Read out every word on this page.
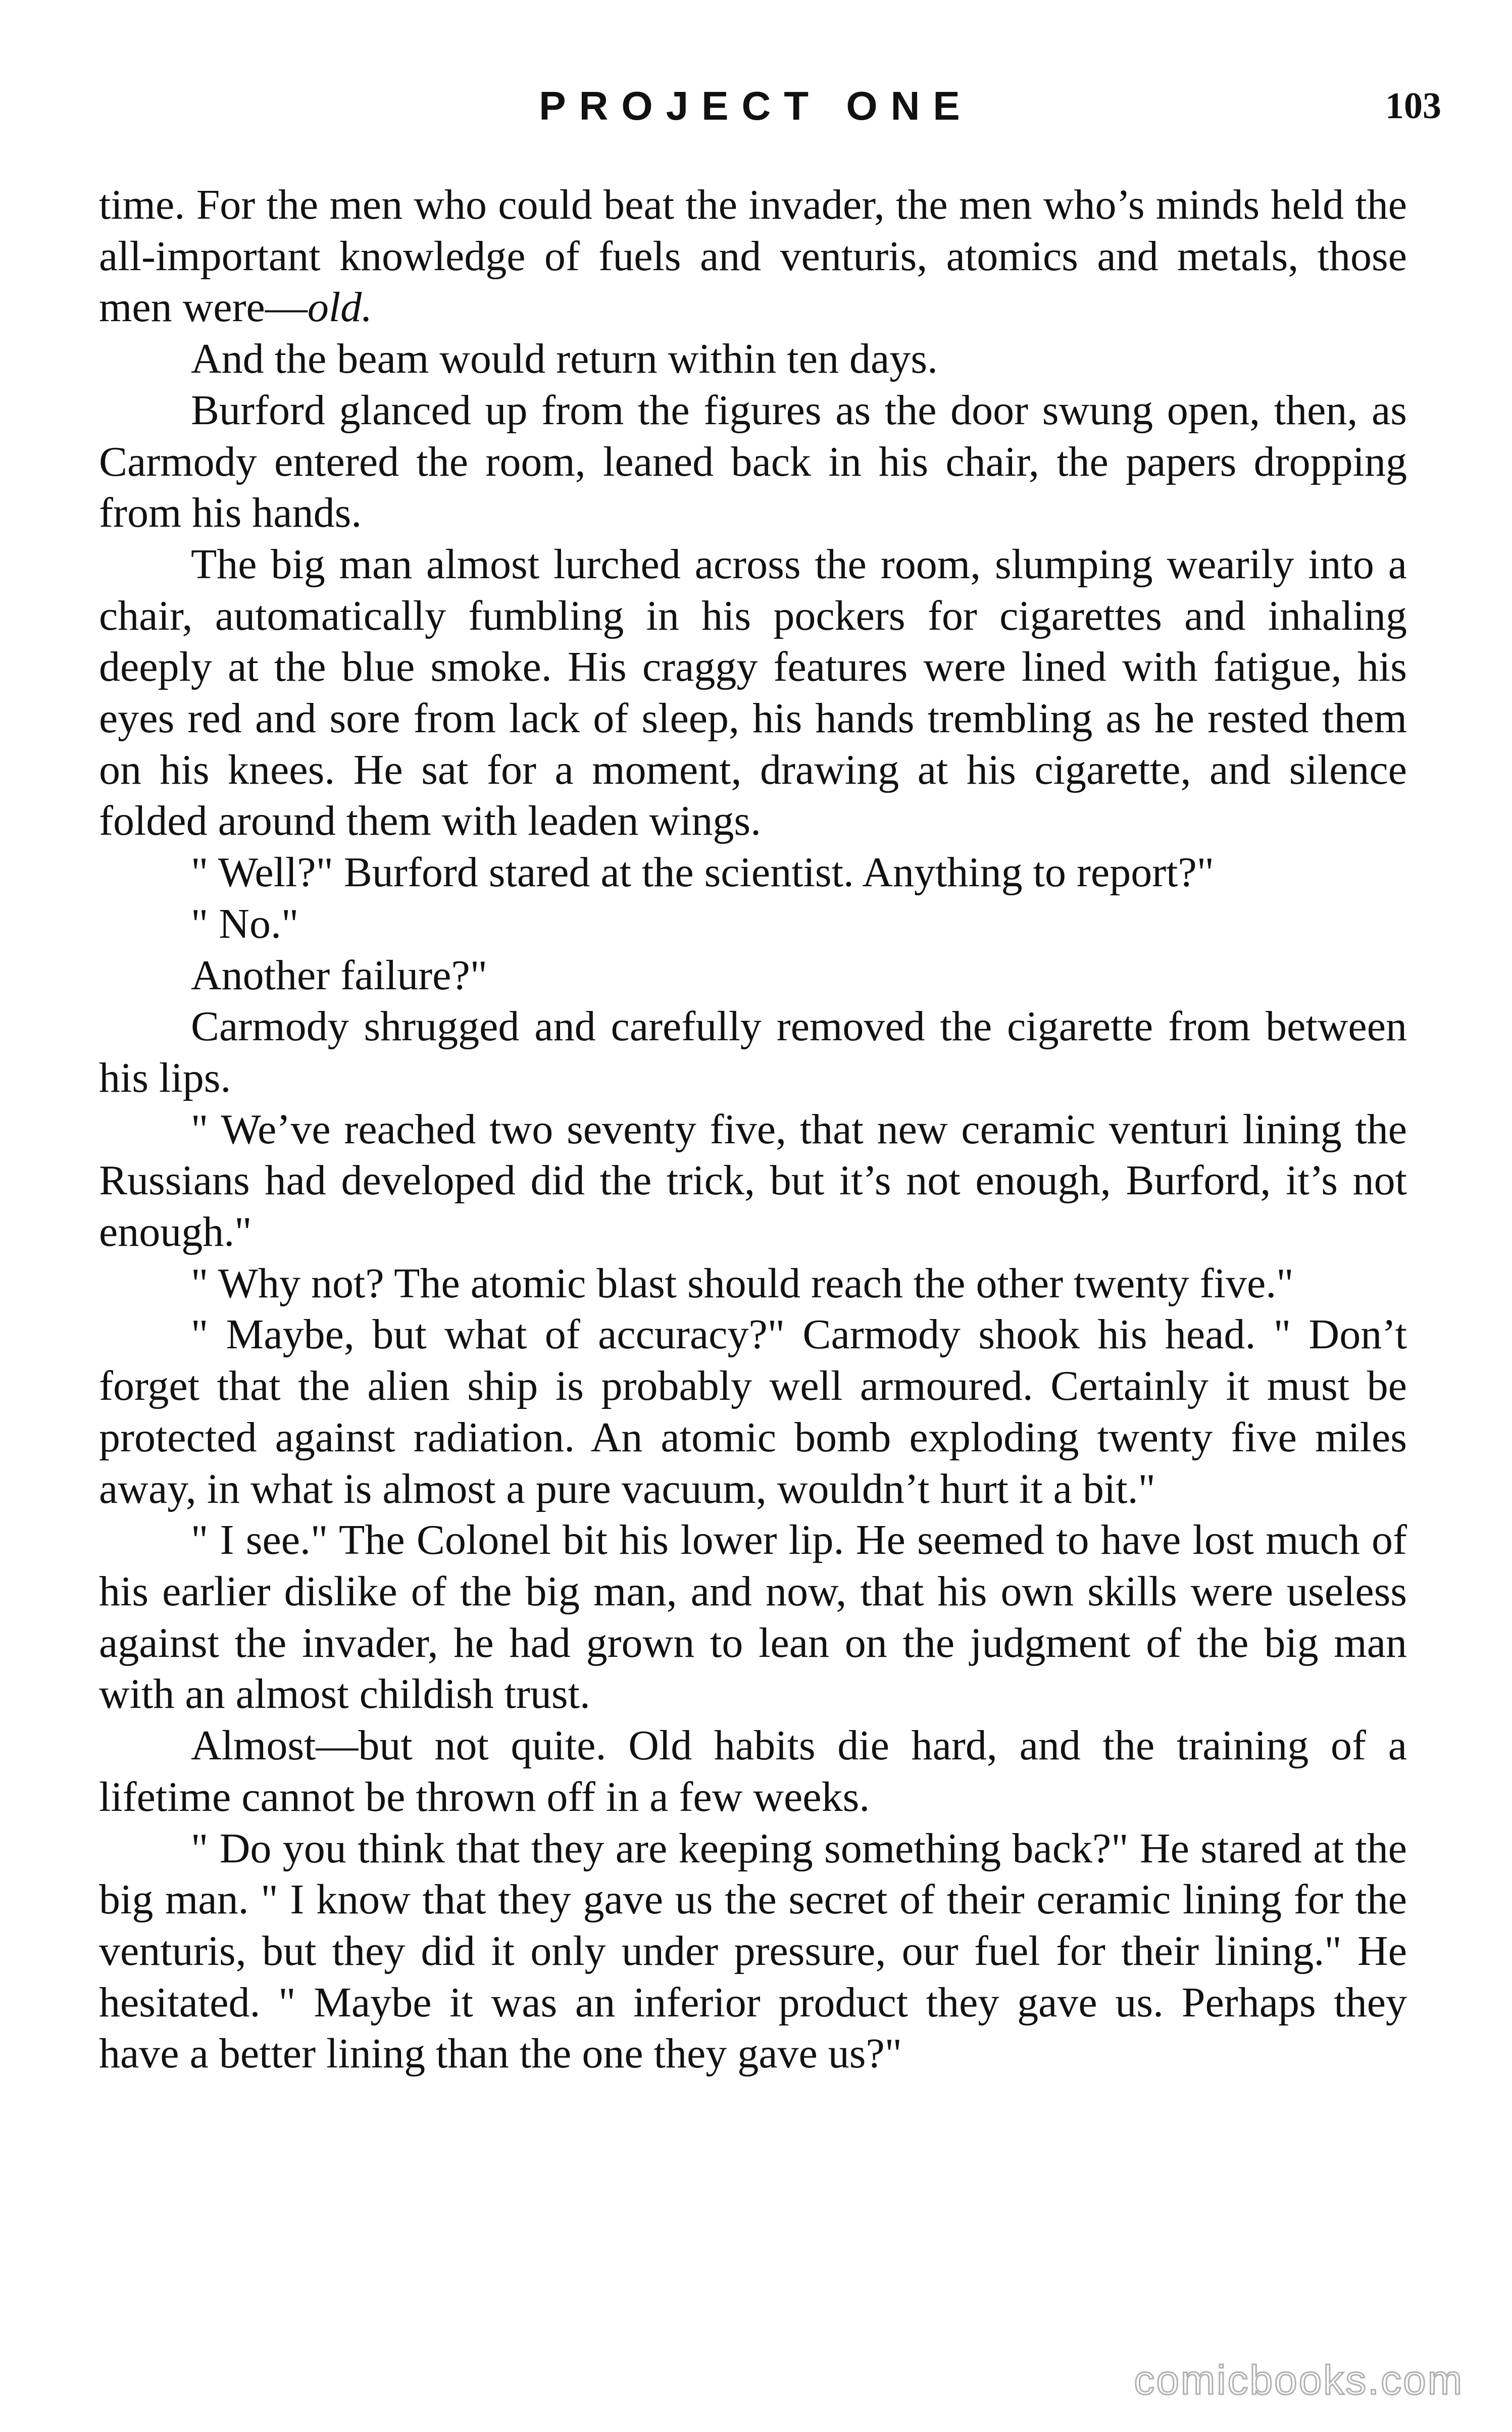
PROJECT ONE	103

time. For the men who could beat the invader, the men who’s minds held the all-important knowledge of fuels and venturis, atomics and metals, those men were—old.

And the beam would return within ten days.

Burford glanced up from the figures as the door swung open, then, as Carmody entered the room, leaned back in his chair, the papers dropping from his hands.

The big man almost lurched across the room, slumping wearily into a chair, automatically fumbling in his pockers for cigarettes and inhaling deeply at the blue smoke. His craggy features were lined with fatigue, his eyes red and sore from lack of sleep, his hands trembling as he rested them on his knees. He sat for a moment, drawing at his cigarette, and silence folded around them with leaden wings.

" Well?" Burford stared at the scientist. Anything to report?"

" No."

Another failure?"

Carmody shrugged and carefully removed the cigarette from between his lips.

" We’ve reached two seventy five, that new ceramic venturi lining the Russians had developed did the trick, but it’s not enough, Burford, it’s not enough."

" Why not? The atomic blast should reach the other twenty five."

" Maybe, but what of accuracy?" Carmody shook his head. " Don’t forget that the alien ship is probably well armoured. Certainly it must be protected against radiation. An atomic bomb exploding twenty five miles away, in what is almost a pure vacuum, wouldn’t hurt it a bit."

" I see." The Colonel bit his lower lip. He seemed to have lost much of his earlier dislike of the big man, and now, that his own skills were useless against the invader, he had grown to lean on the judgment of the big man with an almost childish trust.

Almost—but not quite. Old habits die hard, and the training of a lifetime cannot be thrown off in a few weeks.

" Do you think that they are keeping something back?" He stared at the big man. " I know that they gave us the secret of their ceramic lining for the venturis, but they did it only under pressure, our fuel for their lining." He hesitated. " Maybe it was an inferior product they gave us. Perhaps they have a better lining than the one they gave us?"

comicbooks.com
